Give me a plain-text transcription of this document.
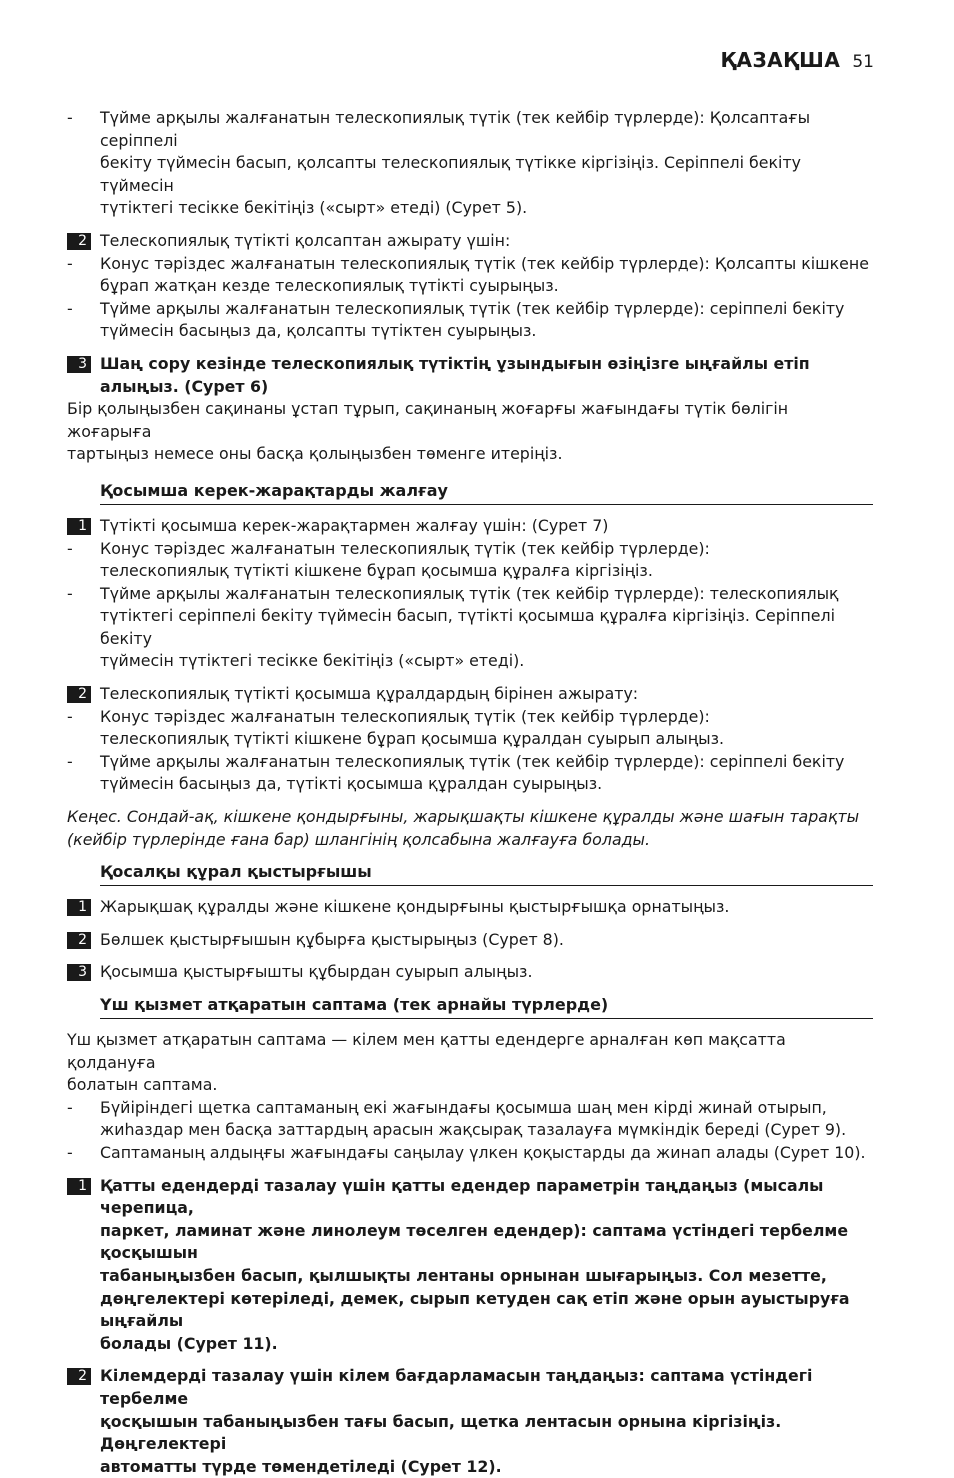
ҚАЗАҚША 51
- Түйме арқылы жалғанатын телескопиялық түтік (тек кейбір түрлерде): Қолсаптағы серіппелі

бекіту түймесін басып, қолсапты телескопиялық түтікке кіргізіңіз. Серіппелі бекіту түймесін

түтіктегі тесікке бекітіңіз («сырт» етеді) (Сурет 5).

2 Телескопиялық түтікті қолсаптан ажырату үшін:

- Конус тәріздес жалғанатын телескопиялық түтік (тек кейбір түрлерде): Қолсапты кішкене

бұрап жатқан кезде телескопиялық түтікті суырыңыз.

- Түйме арқылы жалғанатын телескопиялық түтік (тек кейбір түрлерде): серіппелі бекіту

түймесін басыңыз да, қолсапты түтіктен суырыңыз.

3 Шаң сору кезінде телескопиялық түтіктің ұзындығын өзіңізге ыңғайлы етіп

алыңыз. (Сурет 6)

Бір қолыңызбен сақинаны ұстап тұрып, сақинаның жоғарғы жағындағы түтік бөлігін жоғарыға

тартыңыз немесе оны басқа қолыңызбен төменге итеріңіз.

Қосымша керек-жарақтарды жалғау
1 Түтікті қосымша керек-жарақтармен жалғау үшін: (Сурет 7)

- Конус тәріздес жалғанатын телескопиялық түтік (тек кейбір түрлерде):

телескопиялық түтікті кішкене бұрап қосымша құралға кіргізіңіз.

- Түйме арқылы жалғанатын телескопиялық түтік (тек кейбір түрлерде): телескопиялық

түтіктегі серіппелі бекіту түймесін басып, түтікті қосымша құралға кіргізіңіз. Серіппелі бекіту

түймесін түтіктегі тесікке бекітіңіз («сырт» етеді).

2 Телескопиялық түтікті қосымша құралдардың бірінен ажырату:

- Конус тәріздес жалғанатын телескопиялық түтік (тек кейбір түрлерде):

телескопиялық түтікті кішкене бұрап қосымша құралдан суырып алыңыз.

- Түйме арқылы жалғанатын телескопиялық түтік (тек кейбір түрлерде): серіппелі бекіту

түймесін басыңыз да, түтікті қосымша құралдан суырыңыз.

Кеңес. Сондай-ақ, кішкене қондырғыны, жарықшақты кішкене құралды және шағын тарақты

(кейбір түрлерінде ғана бар) шлангінің қолсабына жалғауға болады.

Қосалқы құрал қыстырғышы
1 Жарықшақ құралды және кішкене қондырғыны қыстырғышқа орнатыңыз.

2 Бөлшек қыстырғышын құбырға қыстырыңыз (Сурет 8).

3 Қосымша қыстырғышты құбырдан суырып алыңыз.

Үш қызмет атқаратын саптама (тек арнайы түрлерде)

Үш қызмет атқаратын саптама — кілем мен қатты едендерге арналған көп мақсатта қолдануға

болатын саптама.

- Бүйіріндегі щетка саптаманың екі жағындағы қосымша шаң мен кірді жинай отырып,

жиһаздар мен басқа заттардың арасын жақсырақ тазалауға мүмкіндік береді (Сурет 9).

- Саптаманың алдыңғы жағындағы саңылау үлкен қоқыстарды да жинап алады (Сурет 10).

1 Қатты едендерді тазалау үшін қатты едендер параметрін таңдаңыз (мысалы черепица,

паркет, ламинат және линолеум төселген едендер): саптама үстіндегі тербелме қосқышын

табаныңызбен басып, қылшықты лентаны орнынан шығарыңыз. Сол мезетте,

дөңгелектері көтеріледі, демек, сырып кетуден сақ етіп және орын ауыстыруға ыңғайлы

болады (Сурет 11).

2 Кілемдерді тазалау үшін кілем бағдарламасын таңдаңыз: саптама үстіндегі тербелме

қосқышын табаныңызбен тағы басып, щетка лентасын орнына кіргізіңіз. Дөңгелектері

автоматты түрде төмендетіледі (Сурет 12).
